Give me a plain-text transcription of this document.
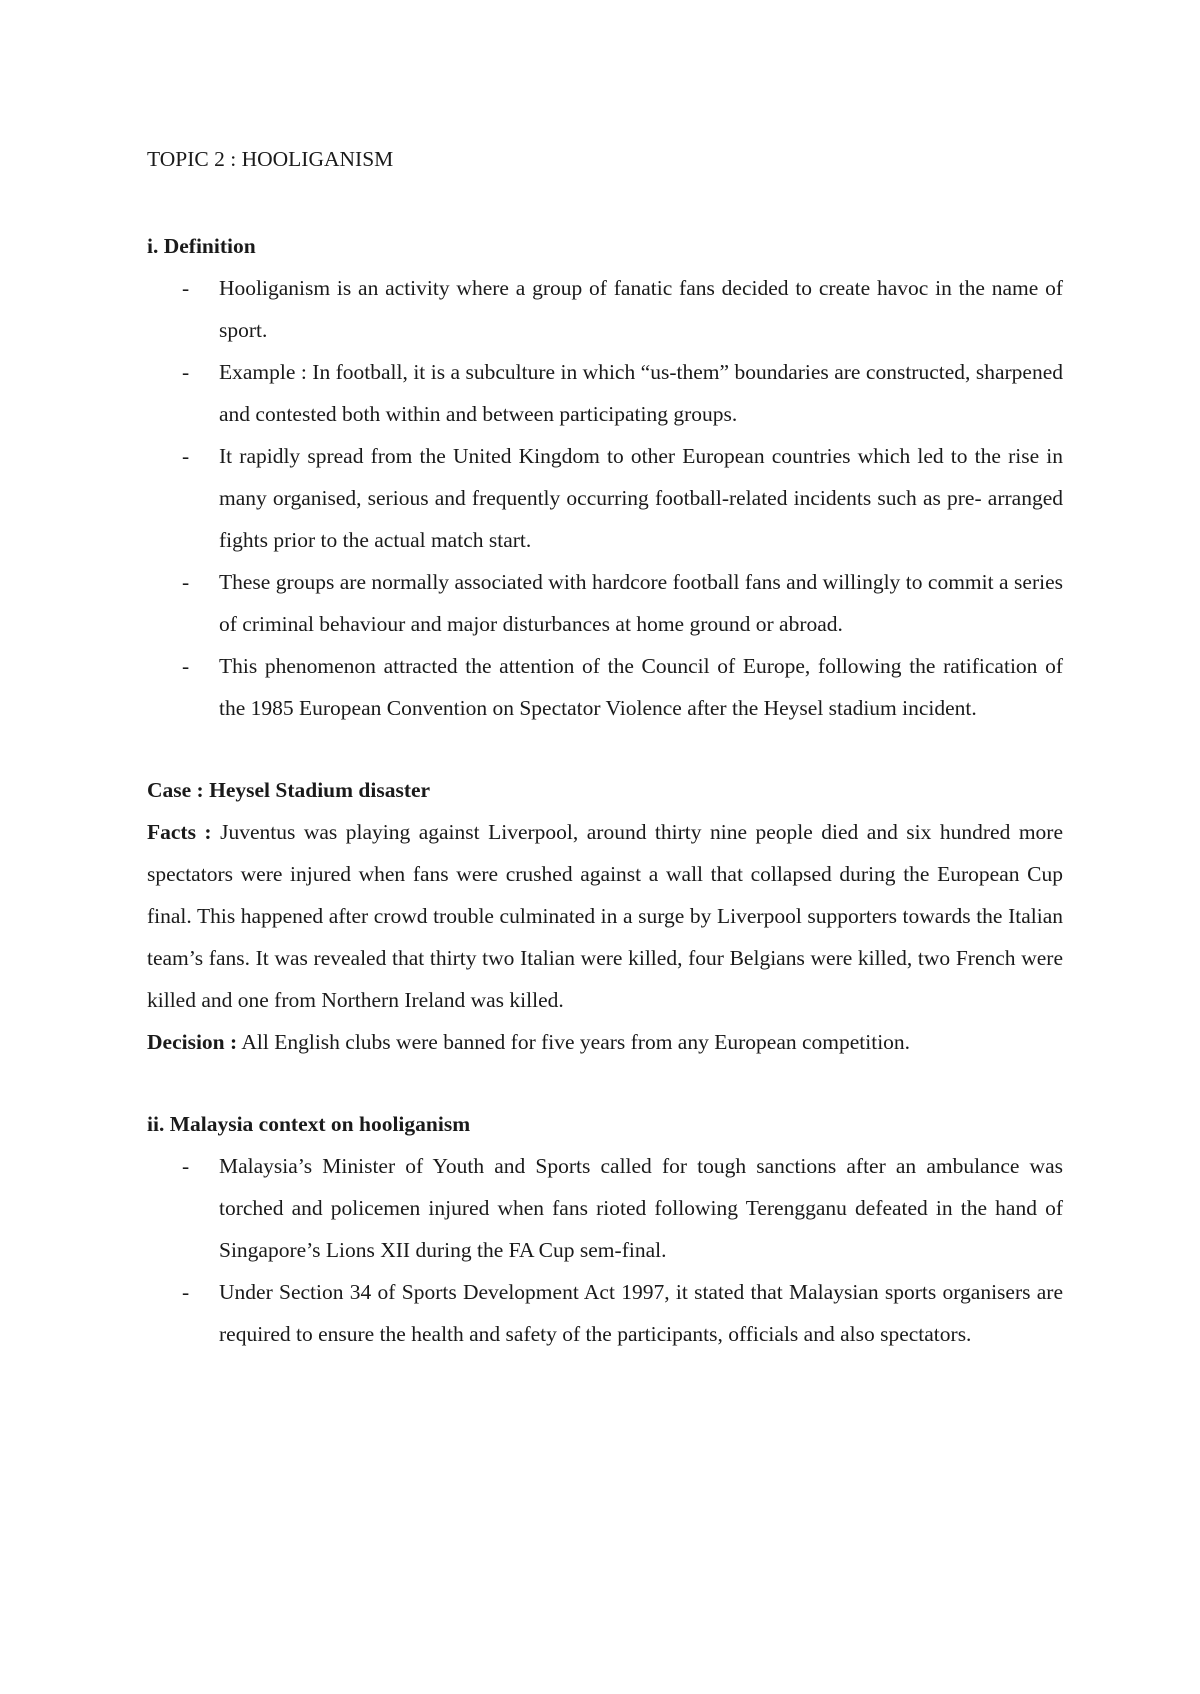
TOPIC 2 : HOOLIGANISM
i. Definition
- Hooliganism is an activity where a group of fanatic fans decided to create havoc in the name of sport.
- Example : In football, it is a subculture in which “us-them” boundaries are constructed, sharpened and contested both within and between participating groups.
- It rapidly spread from the United Kingdom to other European countries which led to the rise in many organised, serious and frequently occurring football-related incidents such as pre- arranged fights prior to the actual match start.
- These groups are normally associated with hardcore football fans and willingly to commit a series of criminal behaviour and major disturbances at home ground or abroad.
- This phenomenon attracted the attention of the Council of Europe, following the ratification of the 1985 European Convention on Spectator Violence after the Heysel stadium incident.
Case : Heysel Stadium disaster

Facts : Juventus was playing against Liverpool, around thirty nine people died and six hundred more spectators were injured when fans were crushed against a wall that collapsed during the European Cup final. This happened after crowd trouble culminated in a surge by Liverpool supporters towards the Italian team’s fans. It was revealed that thirty two Italian were killed, four Belgians were killed, two French were killed and one from Northern Ireland was killed.

Decision : All English clubs were banned for five years from any European competition.

ii. Malaysia context on hooliganism
- Malaysia’s Minister of Youth and Sports called for tough sanctions after an ambulance was torched and policemen injured when fans rioted following Terengganu defeated in the hand of Singapore’s Lions XII during the FA Cup sem-final.
- Under Section 34 of Sports Development Act 1997, it stated that Malaysian sports organisers are required to ensure the health and safety of the participants, officials and also spectators.
